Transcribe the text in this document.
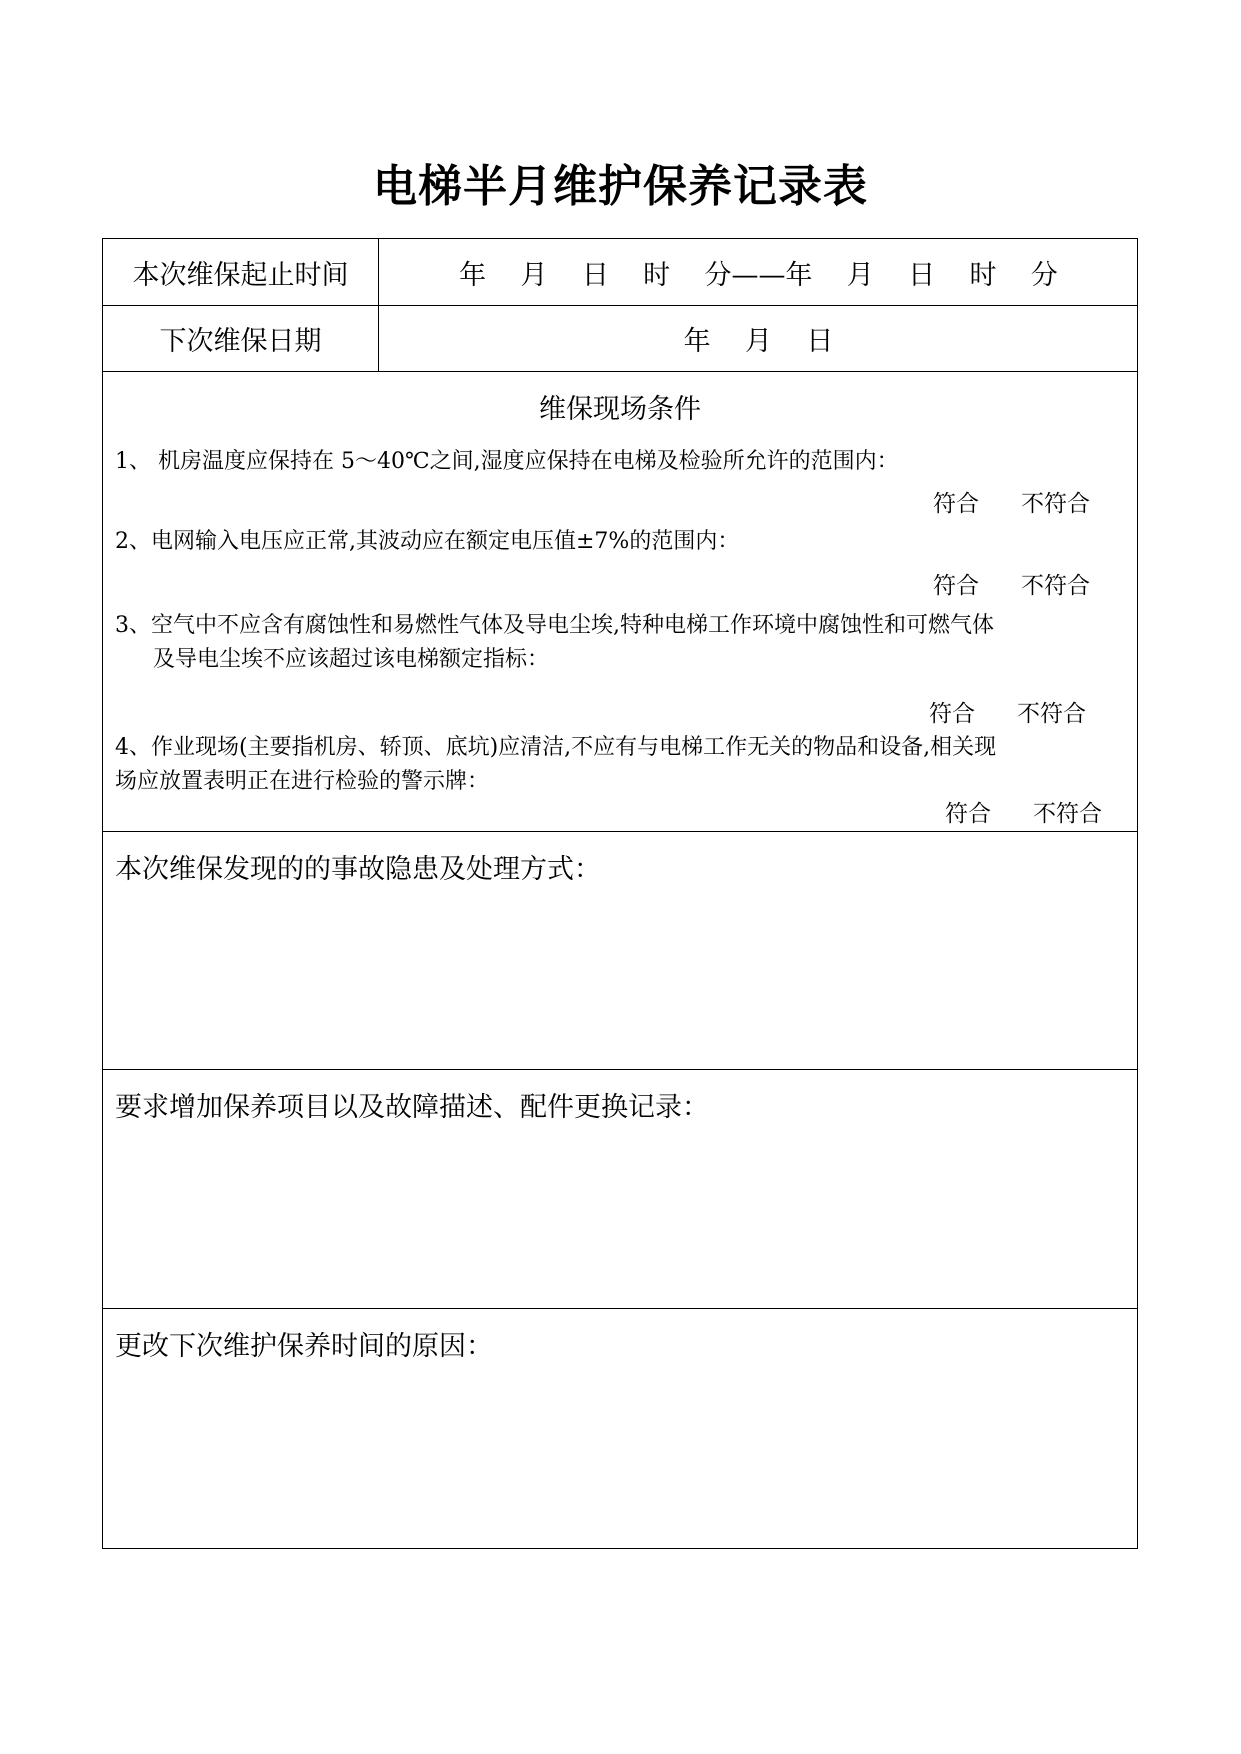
电梯半月维护保养记录表
本次维保起止时间	年    月    日    时    分——年    月    日    时    分
下次维保日期	年    月    日
维保现场条件
1、 机房温度应保持在 5～40℃之间,湿度应保持在电梯及检验所允许的范围内：
符合 不符合
2、电网输入电压应正常,其波动应在额定电压值±7%的范围内：
符合 不符合
3、空气中不应含有腐蚀性和易燃性气体及导电尘埃,特种电梯工作环境中腐蚀性和可燃气体
及导电尘埃不应该超过该电梯额定指标：
符合 不符合
4、作业现场(主要指机房、轿顶、底坑)应清洁,不应有与电梯工作无关的物品和设备,相关现
场应放置表明正在进行检验的警示牌：
符合 不符合
本次维保发现的的事故隐患及处理方式：
要求增加保养项目以及故障描述、配件更换记录：
更改下次维护保养时间的原因：
